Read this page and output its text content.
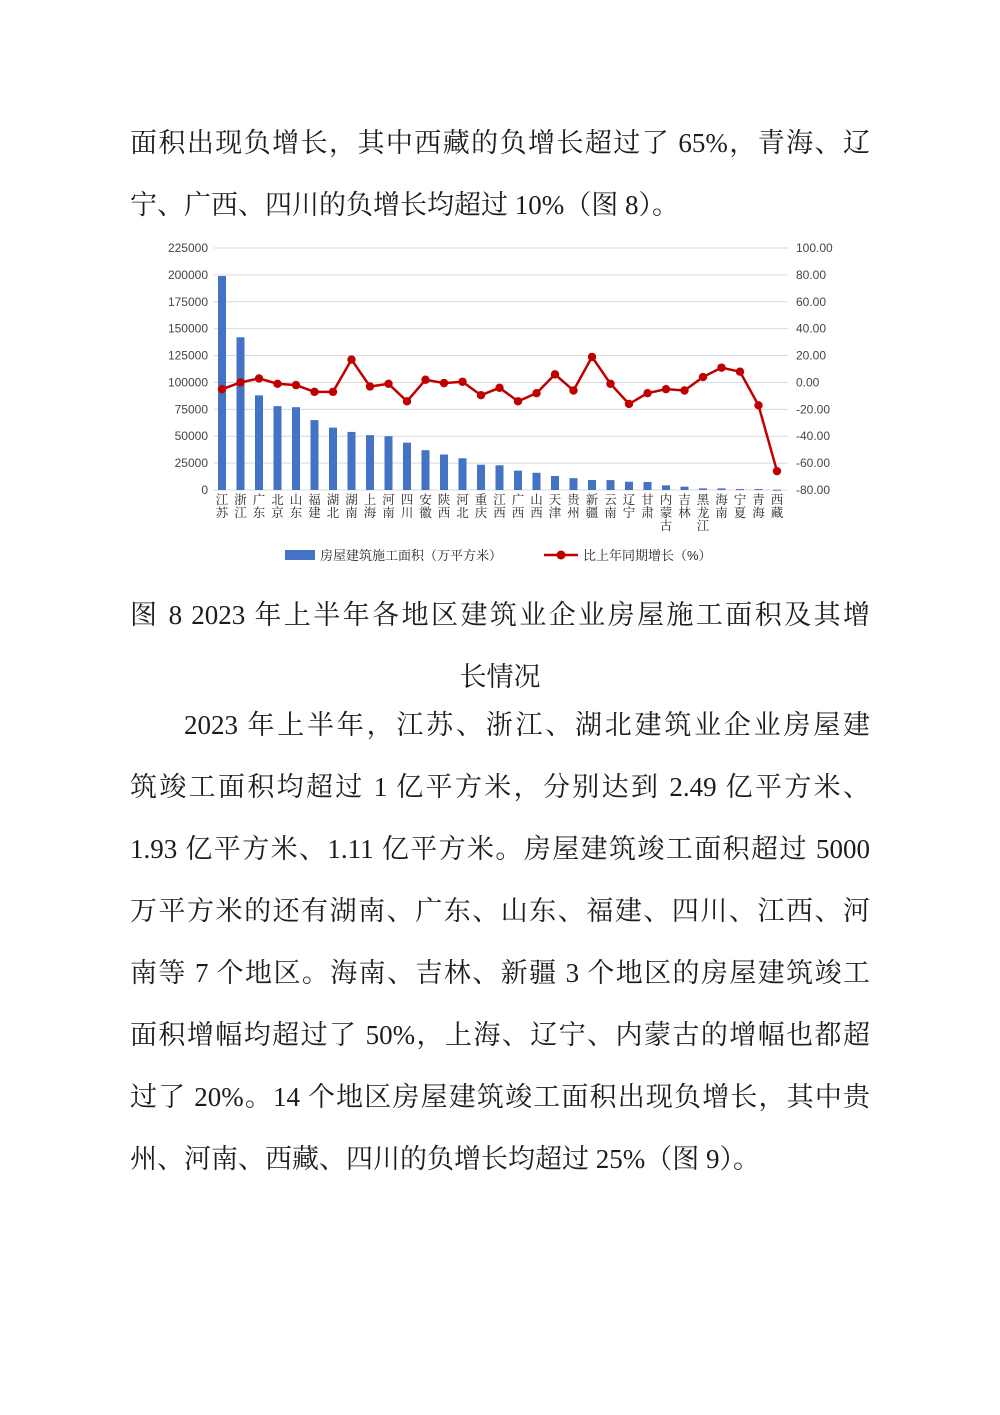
面积出现负增长，其中西藏的负增长超过了 65%，青海、辽
宁、广西、四川的负增长均超过 10%（图 8）。
225000	100.00
200000	80.00
175000	60.00
150000	40.00
125000	20.00
100000	0.00
75000	-20.00
50000	-40.00
25000	-60.00
0	-80.00
江苏
浙江
广东
北京
山东
福建
湖北
湖南
上海
河南
四川
安徽
陕西
河北
重庆
江西
广西
山西
天津
贵州
新疆
云南
辽宁
甘肃
内蒙古
吉林
黑龙江
海南
宁夏
青海
西藏
房屋建筑施工面积（万平方米）	比上年同期增长（%）
图 8 2023 年上半年各地区建筑业企业房屋施工面积及其增
长情况
2023 年上半年，江苏、浙江、湖北建筑业企业房屋建
筑竣工面积均超过 1 亿平方米，分别达到 2.49 亿平方米、
1.93 亿平方米、1.11 亿平方米。房屋建筑竣工面积超过 5000
万平方米的还有湖南、广东、山东、福建、四川、江西、河
南等 7 个地区。海南、吉林、新疆 3 个地区的房屋建筑竣工
面积增幅均超过了 50%，上海、辽宁、内蒙古的增幅也都超
过了 20%。14 个地区房屋建筑竣工面积出现负增长，其中贵
州、河南、西藏、四川的负增长均超过 25%（图 9）。
